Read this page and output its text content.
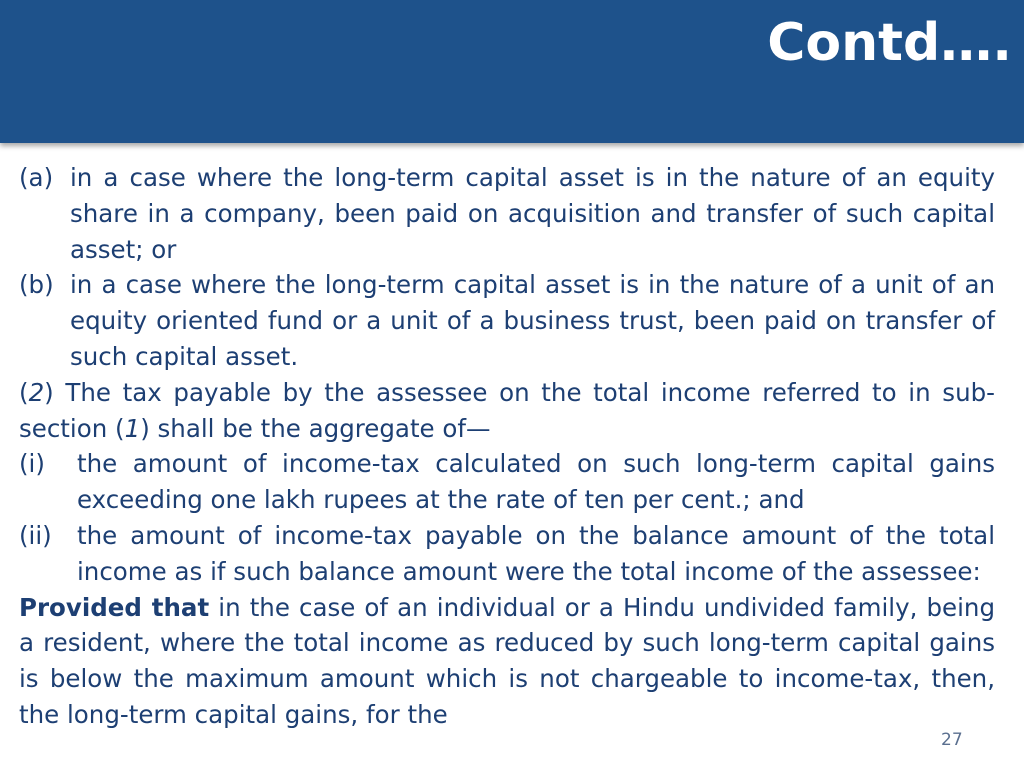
Contd….
(a) in a case where the long-term capital asset is in the nature of an equity share in a company, been paid on acquisition and transfer of such capital asset; or
(b) in a case where the long-term capital asset is in the nature of a unit of an equity oriented fund or a unit of a business trust, been paid on transfer of such capital asset.
(2) The tax payable by the assessee on the total income referred to in sub-section (1) shall be the aggregate of—
(i)	the amount of income-tax calculated on such long-term capital gains exceeding one lakh rupees at the rate of ten per cent.; and
(ii)	the amount of income-tax payable on the balance amount of the total income as if such balance amount were the total income of the assessee:
Provided that in the case of an individual or a Hindu undivided family, being a resident, where the total income as reduced by such long-term capital gains is below the maximum amount which is not chargeable to income-tax, then, the long-term capital gains, for the
27
